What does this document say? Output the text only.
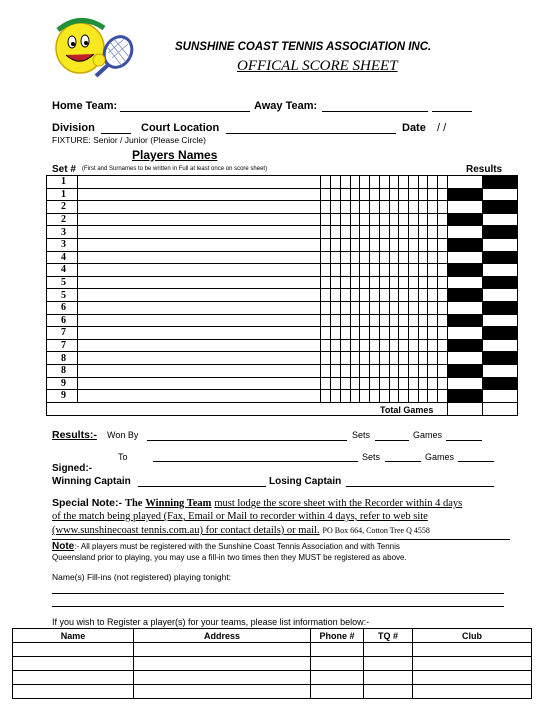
SUNSHINE COAST TENNIS ASSOCIATION INC.
OFFICAL SCORE SHEET
Home Team:	Away Team:
Division	Court Location	Date / /
FIXTURE: Senior / Junior (Please Circle)
Players Names
Set # (First and Surnames to be written in Full at least once on score sheet)	Results
1																
1																
2																
2																
3																
3																
4																
4																
5																
5																
6																
6																
7																
7																
8																
8																
9																
9																

Total Games
Results:- Won By	Sets	Games
To	Sets	Games
Signed:-
Winning Captain	Losing Captain
Special Note:- The Winning Team must lodge the score sheet with the Recorder within 4 days
of the match being played (Fax, Email or Mail to recorder within 4 days, refer to web site
(www.sunshinecoast tennis.com.au) for contact details) or mail. PO Box 664, Cotton Tree Q 4558
Note:- All players must be registered with the Sunshine Coast Tennis Association and with Tennis
Queensland prior to playing, you may use a fill-in two times then they MUST be registered as above.
Name(s) Fill-ins (not registered) playing tonight:
If you wish to Register a player(s) for your teams, please list information below:-
Name	Address	Phone #	TQ #	Club
